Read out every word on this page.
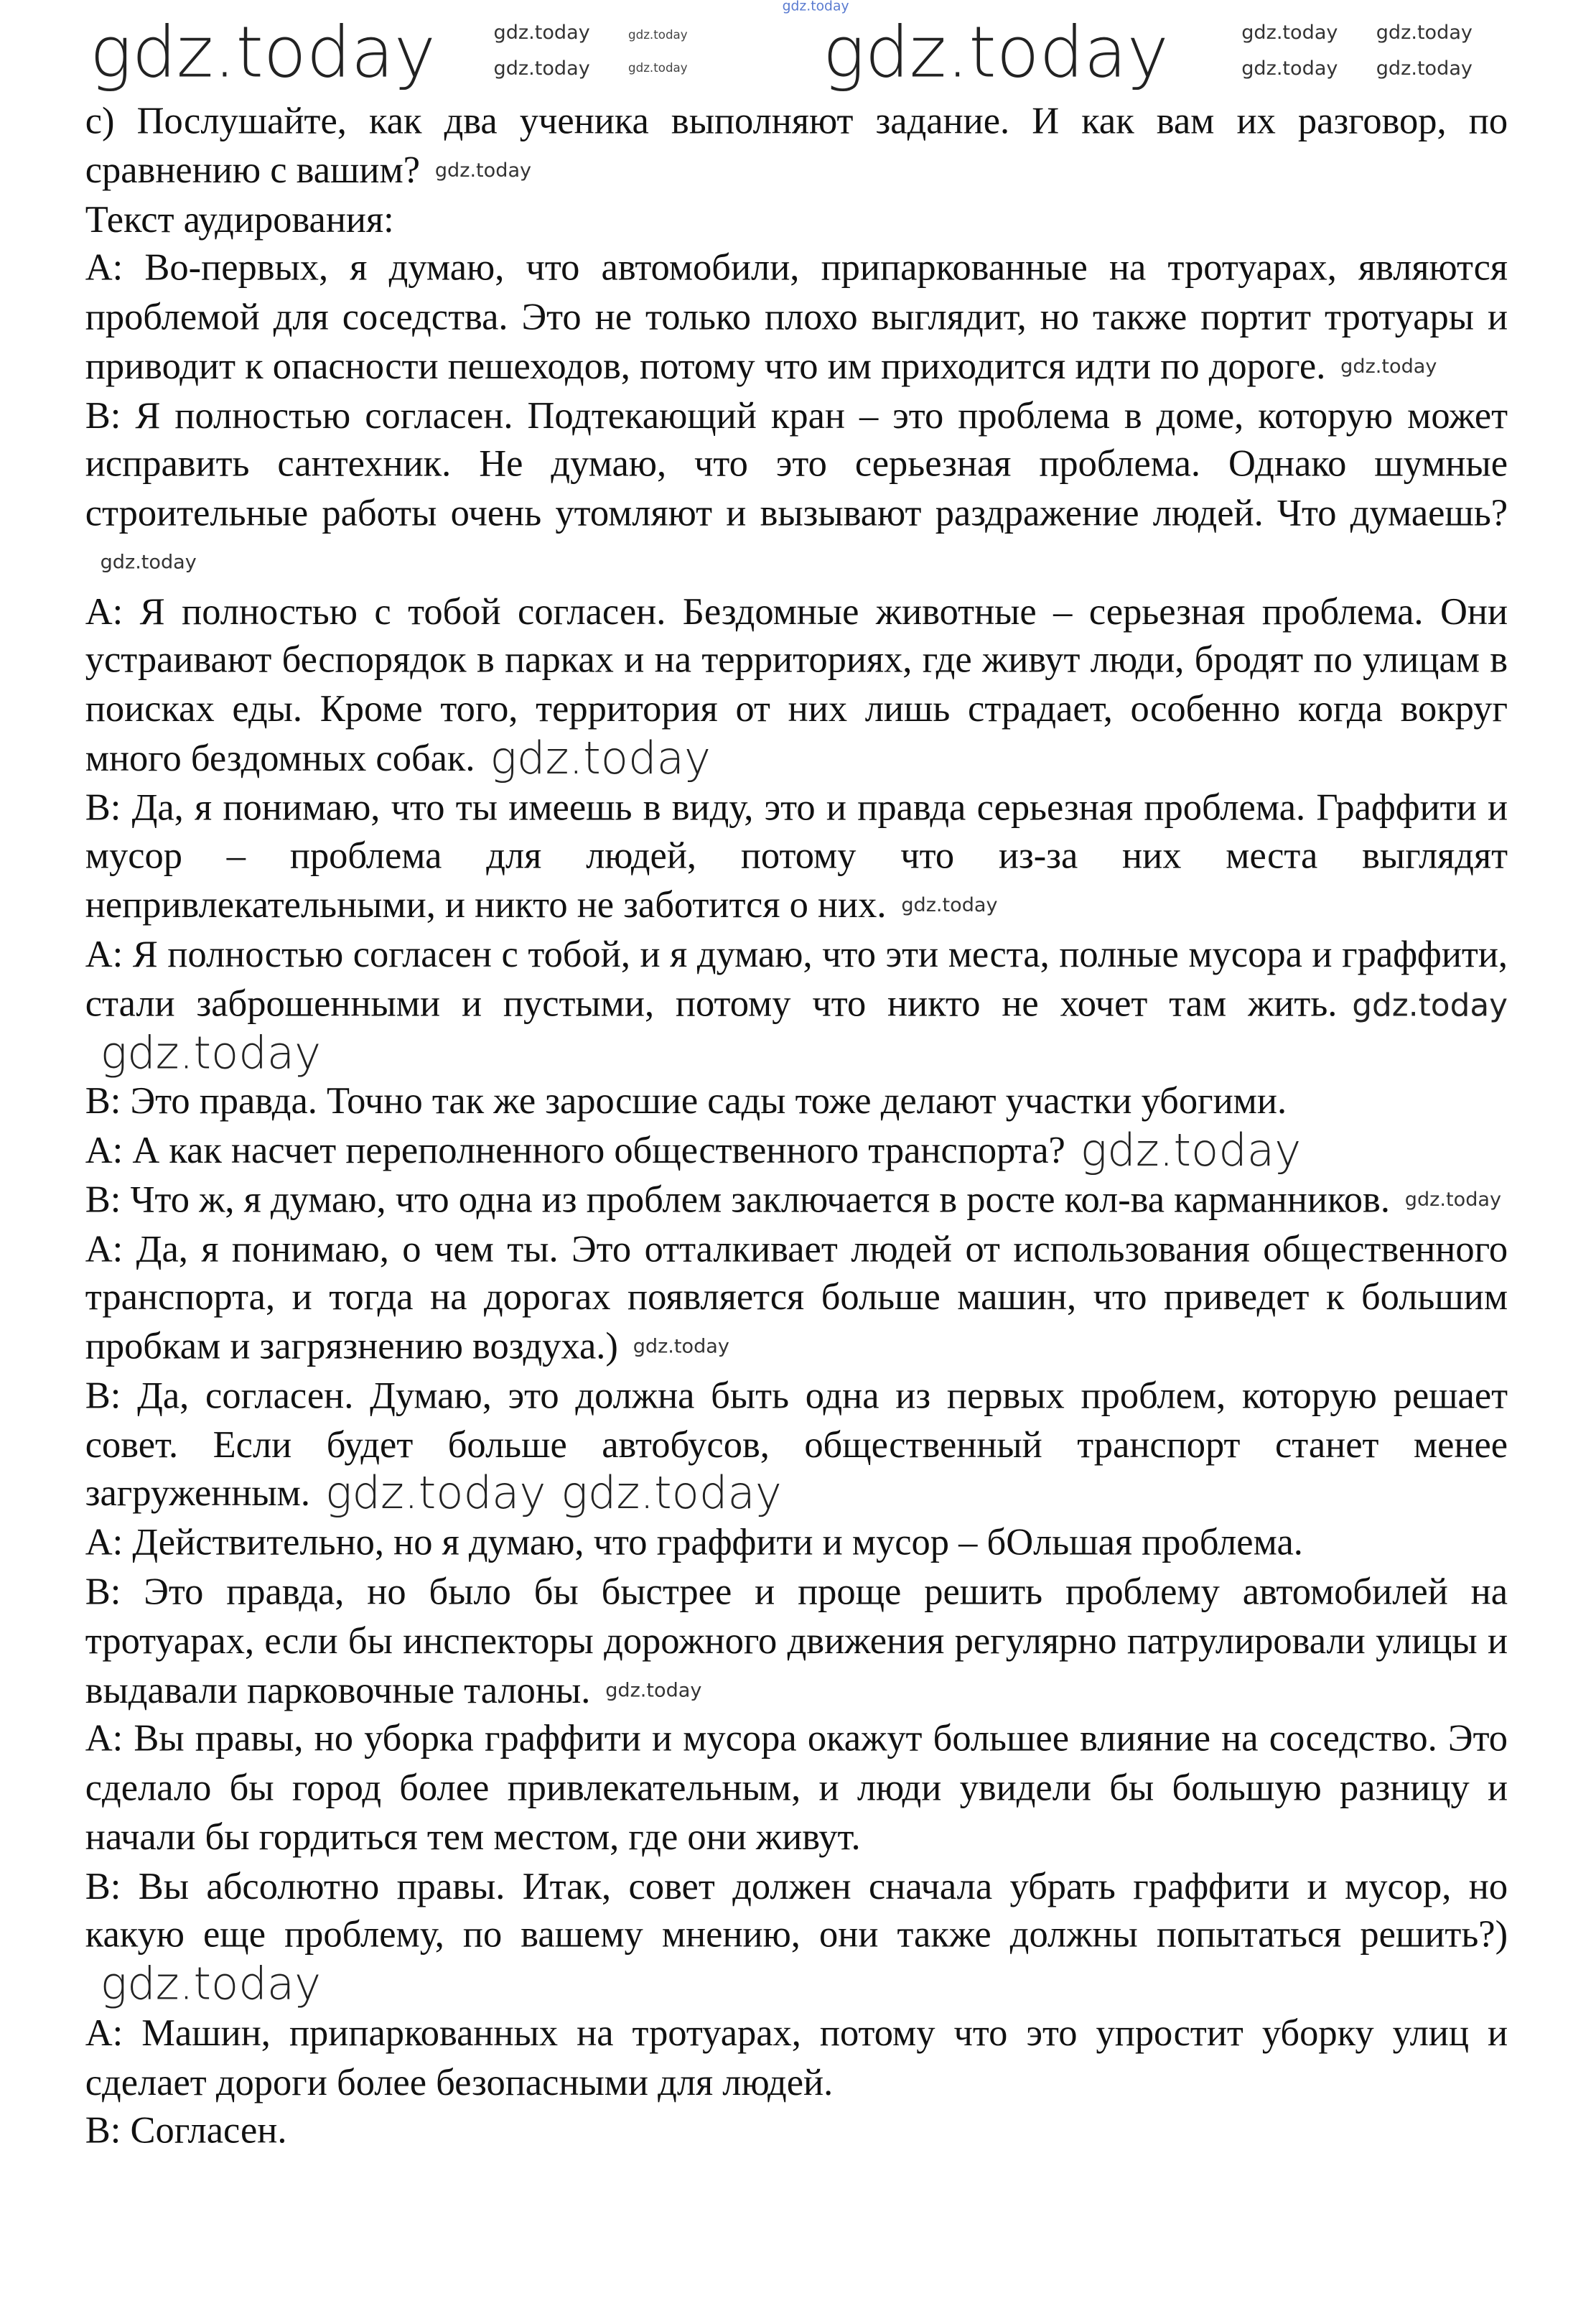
gdz.today
gdz.today	gdz.today
gdz.today
gdz.today
gdz.today
gdz.today
gdz.today
gdz.today
gdz.today
gdz.today

c) Послушайте, как два ученика выполняют задание. И как вам их разговор, по сравнению с вашим? gdz.today

Текст аудирования:

A: Во-первых, я думаю, что автомобили, припаркованные на тротуарах, являются проблемой для соседства. Это не только плохо выглядит, но также портит тротуары и приводит к опасности пешеходов, потому что им приходится идти по дороге. gdz.today

B: Я полностью согласен. Подтекающий кран – это проблема в доме, которую может исправить сантехник. Не думаю, что это серьезная проблема. Однако шумные строительные работы очень утомляют и вызывают раздражение людей. Что думаешь?gdz.today

A: Я полностью с тобой согласен. Бездомные животные – серьезная проблема. Они устраивают беспорядок в парках и на территориях, где живут люди, бродят по улицам в поисках еды. Кроме того, территория от них лишь страдает, особенно когда вокруг много бездомных собак. gdz.today

B: Да, я понимаю, что ты имеешь в виду, это и правда серьезная проблема. Граффити и мусор – проблема для людей, потому что из-за них места выглядят непривлекательными, и никто не заботится о них. gdz.today

A: Я полностью согласен с тобой, и я думаю, что эти места, полные мусора и граффити, стали заброшенными и пустыми, потому что никто не хочет там жить. gdz.todaygdz.today

B: Это правда. Точно так же заросшие сады тоже делают участки убогими.

A: А как насчет переполненного общественного транспорта? gdz.today

B: Что ж, я думаю, что одна из проблем заключается в росте кол-ва карманников. gdz.today

A: Да, я понимаю, о чем ты. Это отталкивает людей от использования общественного транспорта, и тогда на дорогах появляется больше машин, что приведет к большим пробкам и загрязнению воздуха.) gdz.today

B: Да, согласен. Думаю, это должна быть одна из первых проблем, которую решает совет. Если будет больше автобусов, общественный транспорт станет менее загруженным. gdz.today gdz.today

A: Действительно, но я думаю, что граффити и мусор – бОльшая проблема.

B: Это правда, но было бы быстрее и проще решить проблему автомобилей на тротуарах, если бы инспекторы дорожного движения регулярно патрулировали улицы и выдавали парковочные талоны. gdz.today

A: Вы правы, но уборка граффити и мусора окажут большее влияние на соседство. Это сделало бы город более привлекательным, и люди увидели бы большую разницу и начали бы гордиться тем местом, где они живут.

B: Вы абсолютно правы. Итак, совет должен сначала убрать граффити и мусор, но какую еще проблему, по вашему мнению, они также должны попытаться решить?)gdz.today

A: Машин, припаркованных на тротуарах, потому что это упростит уборку улиц и сделает дороги более безопасными для людей.

B: Согласен.
